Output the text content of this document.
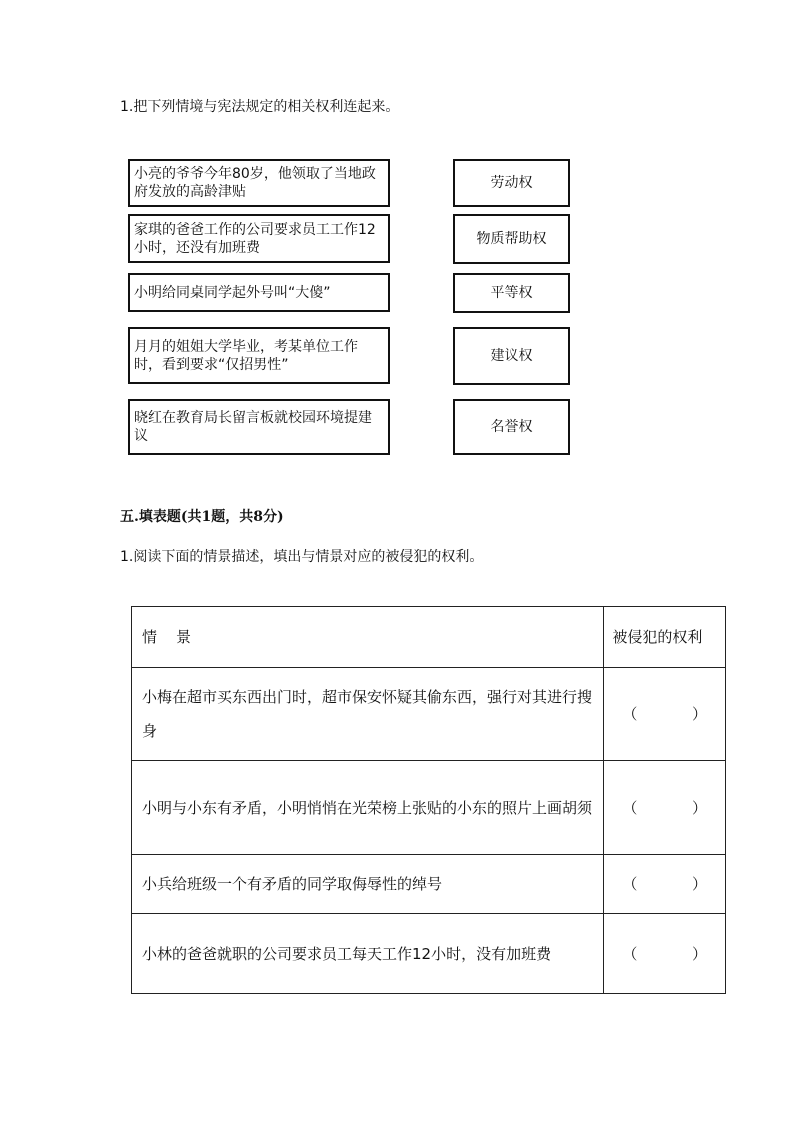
1.把下列情境与宪法规定的相关权利连起来。
小亮的爷爷今年80岁，他领取了当地政府发放的高龄津贴
家琪的爸爸工作的公司要求员工工作12小时，还没有加班费
小明给同桌同学起外号叫“大傻”
月月的姐姐大学毕业，考某单位工作时，看到要求“仅招男性”
晓红在教育局长留言板就校园环境提建议
劳动权
物质帮助权
平等权
建议权
名誉权
五.填表题(共1题，共8分)
1.阅读下面的情景描述，填出与情景对应的被侵犯的权利。
情　景	被侵犯的权利
小梅在超市买东西出门时，超市保安怀疑其偷东西，强行对其进行搜身	（ ）

小明与小东有矛盾，小明悄悄在光荣榜上张贴的小东的照片上画胡须	（ ）

小兵给班级一个有矛盾的同学取侮辱性的绰号	（ ）

小林的爸爸就职的公司要求员工每天工作12小时，没有加班费	（ ）
